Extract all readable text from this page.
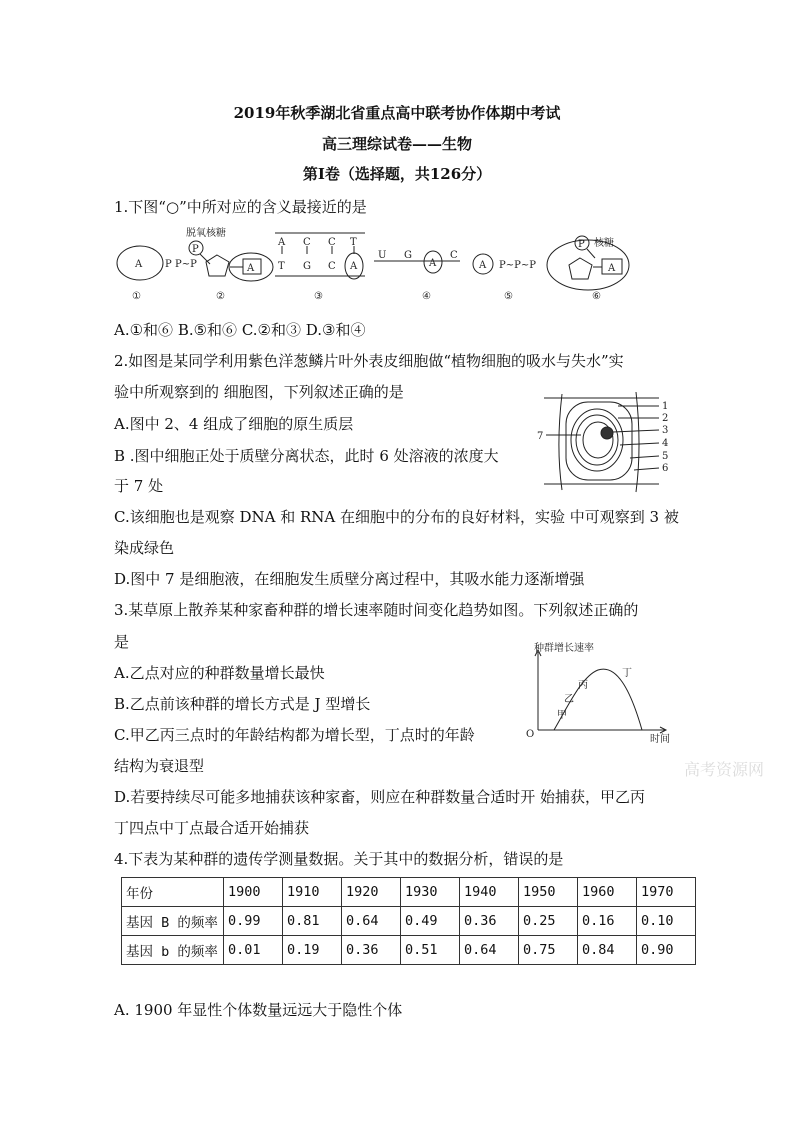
2019年秋季湖北省重点高中联考协作体期中考试
高三理综试卷——生物
第I卷（选择题，共126分）
1.下图“○”中所对应的含义最接近的是
A P P~P
P
脱氧核糖
A
A C C T
T G C A
U G
A
C
A P~P~P
P 核糖
A
①	②	③	④	⑤	⑥
A.①和⑥ B.⑤和⑥ C.②和③ D.③和④
2.如图是某同学利用紫色洋葱鳞片叶外表皮细胞做“植物细胞的吸水与失水”实
验中所观察到的 细胞图，下列叙述正确的是
A.图中 2、4 组成了细胞的原生质层
B .图中细胞正处于质壁分离状态，此时 6 处溶液的浓度大
于 7 处
C.该细胞也是观察 DNA 和 RNA 在细胞中的分布的良好材料，实验 中可观察到 3 被
染成绿色
D.图中 7 是细胞液，在细胞发生质壁分离过程中，其吸水能力逐渐增强
1
2
3
4
5
6
7
3.某草原上散养某种家畜种群的增长速率随时间变化趋势如图。下列叙述正确的
是
A.乙点对应的种群数量增长最快
B.乙点前该种群的增长方式是 J 型增长
C.甲乙丙三点时的年龄结构都为增长型，丁点时的年龄
结构为衰退型
D.若要持续尽可能多地捕获该种家畜，则应在种群数量合适时开 始捕获，甲乙丙
丁四点中丁点最合适开始捕获
种群增长速率
时间
O
甲
乙
丙
丁
高考资源网
4.下表为某种群的遗传学测量数据。关于其中的数据分析，错误的是
年份	1900	1910	1920	1930	1940	1950	1960	1970
基因 B 的频率	0.99	0.81	0.64	0.49	0.36	0.25	0.16	0.10
基因 b 的频率	0.01	0.19	0.36	0.51	0.64	0.75	0.84	0.90
A. 1900 年显性个体数量远远大于隐性个体
